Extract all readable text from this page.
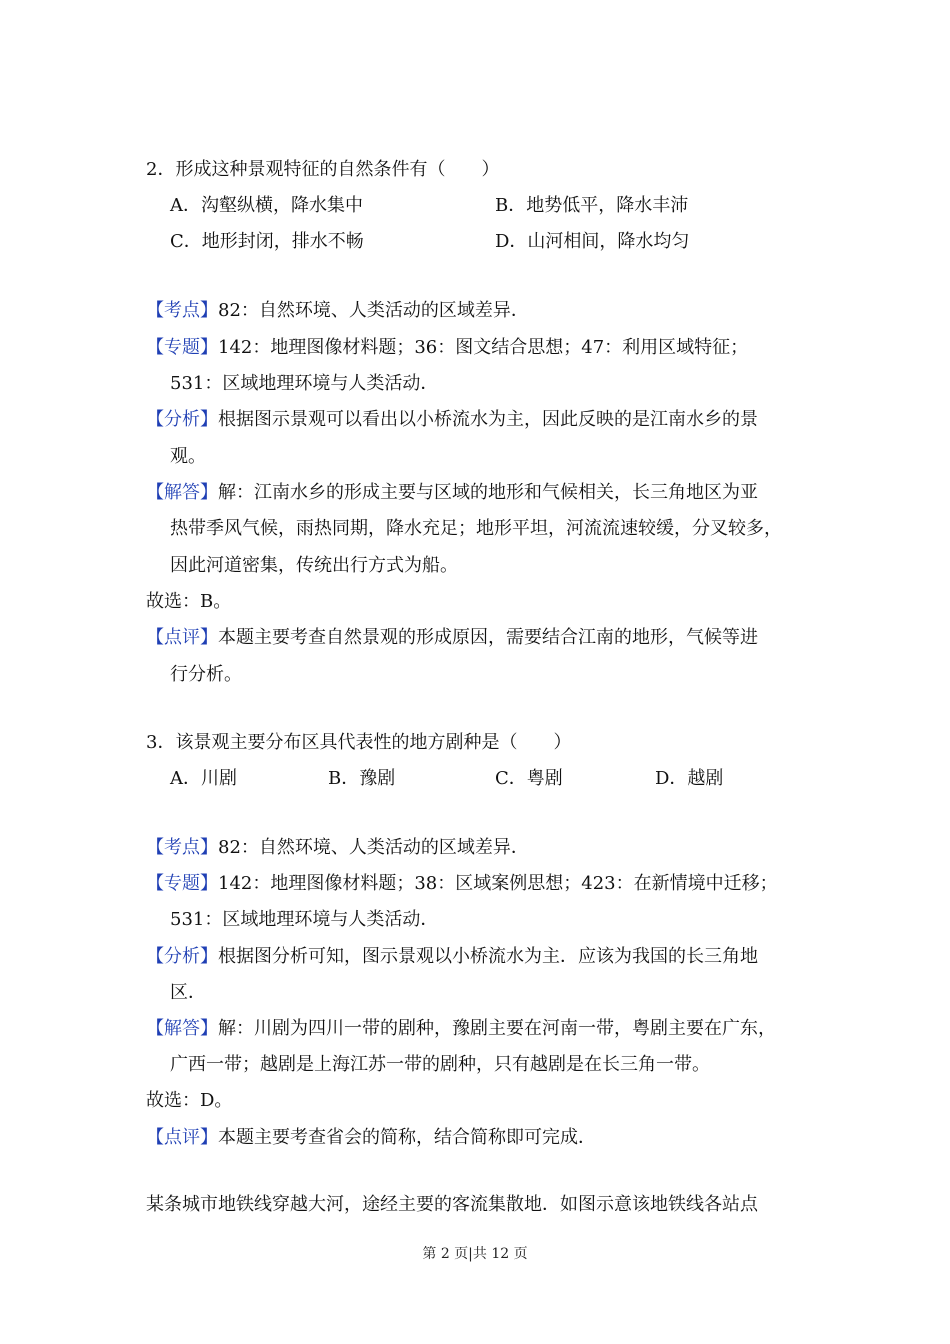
2．形成这种景观特征的自然条件有（　　）
A．沟壑纵横，降水集中	B．地势低平，降水丰沛
C．地形封闭，排水不畅	D．山河相间，降水均匀
【考点】82：自然环境、人类活动的区域差异．
【专题】142：地理图像材料题；36：图文结合思想；47：利用区域特征；
531：区域地理环境与人类活动．
【分析】根据图示景观可以看出以小桥流水为主，因此反映的是江南水乡的景
观。
【解答】解：江南水乡的形成主要与区域的地形和气候相关，长三角地区为亚
热带季风气候，雨热同期，降水充足；地形平坦，河流流速较缓，分叉较多，
因此河道密集，传统出行方式为船。
故选：B。
【点评】本题主要考查自然景观的形成原因，需要结合江南的地形，气候等进
行分析。
3．该景观主要分布区具代表性的地方剧种是（　　）
A．川剧	B．豫剧	C．粤剧	D．越剧
【考点】82：自然环境、人类活动的区域差异．
【专题】142：地理图像材料题；38：区域案例思想；423：在新情境中迁移；
531：区域地理环境与人类活动．
【分析】根据图分析可知，图示景观以小桥流水为主．应该为我国的长三角地
区．
【解答】解：川剧为四川一带的剧种，豫剧主要在河南一带，粤剧主要在广东，
广西一带；越剧是上海江苏一带的剧种，只有越剧是在长三角一带。
故选：D。
【点评】本题主要考查省会的简称，结合简称即可完成．
某条城市地铁线穿越大河，途经主要的客流集散地．如图示意该地铁线各站点
第 2 页|共 12 页
